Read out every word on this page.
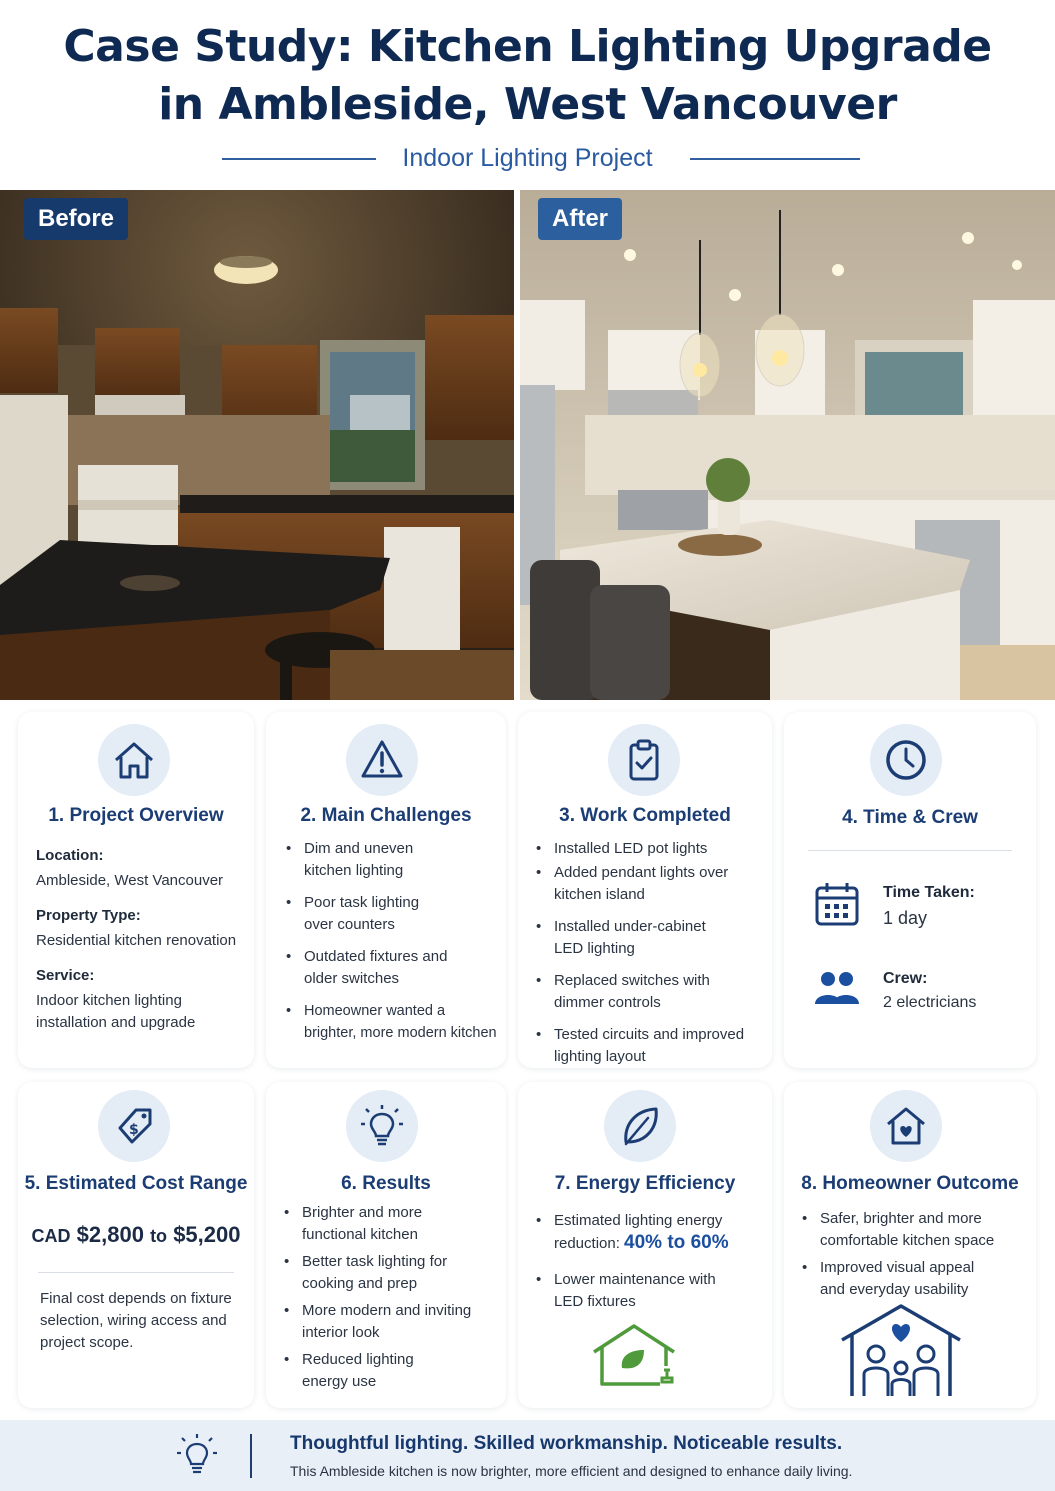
Case Study: Kitchen Lighting Upgrade
in Ambleside, West Vancouver
Indoor Lighting Project
Before	After
1. Project Overview
Location:
Ambleside, West Vancouver
Property Type:
Residential kitchen renovation
Service:
Indoor kitchen lighting
installation and upgrade
2. Main Challenges
• Dim and uneven
kitchen lighting
• Poor task lighting
over counters
• Outdated fixtures and
older switches
• Homeowner wanted a
brighter, more modern kitchen
3. Work Completed
• Installed LED pot lights
• Added pendant lights over
kitchen island
• Installed under-cabinet
LED lighting
• Replaced switches with
dimmer controls
• Tested circuits and improved
lighting layout
4. Time & Crew
Time Taken:
1 day
Crew:
2 electricians
$
5. Estimated Cost Range
CAD $2,800 to $5,200
Final cost depends on fixture
selection, wiring access and
project scope.
6. Results
• Brighter and more
functional kitchen
• Better task lighting for
cooking and prep
• More modern and inviting
interior look
• Reduced lighting
energy use
7. Energy Efficiency
• Estimated lighting energy
reduction: 40% to 60%
• Lower maintenance with
LED fixtures
8. Homeowner Outcome
• Safer, brighter and more
comfortable kitchen space
• Improved visual appeal
and everyday usability
Thoughtful lighting. Skilled workmanship. Noticeable results.
This Ambleside kitchen is now brighter, more efficient and designed to enhance daily living.
